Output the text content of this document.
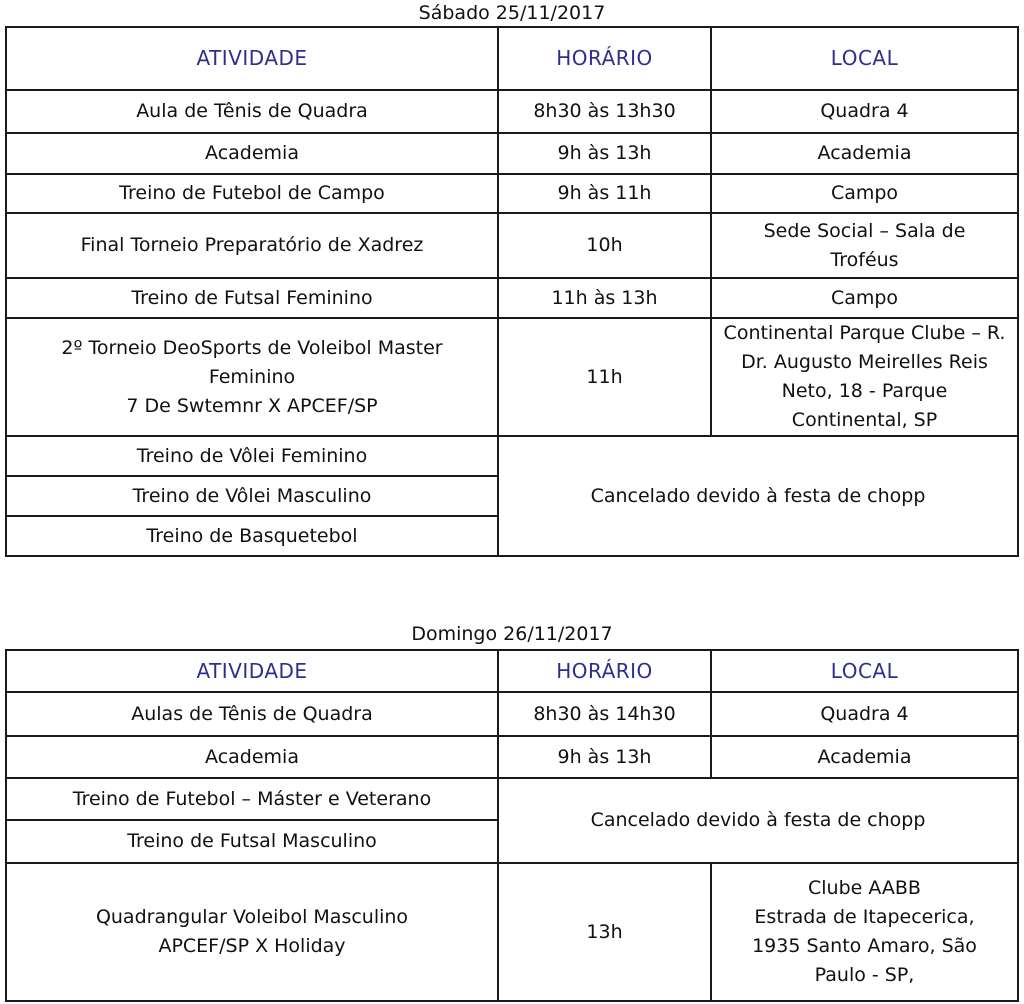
Sábado 25/11/2017
ATIVIDADE	HORÁRIO	LOCAL
Aula de Tênis de Quadra	8h30 às 13h30	Quadra 4
Academia	9h às 13h	Academia
Treino de Futebol de Campo	9h às 11h	Campo
Final Torneio Preparatório de Xadrez	10h	Sede Social – Sala de Troféus
Treino de Futsal Feminino	11h às 13h	Campo

2º Torneio DeoSports de Voleibol Master
Feminino
7 De Swtemnr X APCEF/SP	11h	Continental Parque Clube – R.
Dr. Augusto Meirelles Reis
Neto, 18 - Parque
Continental, SP

Treino de Vôlei Feminino	Cancelado devido à festa de chopp	
Treino de Vôlei Masculino		
Treino de Basquetebol		
Domingo 26/11/2017
ATIVIDADE	HORÁRIO	LOCAL
Aulas de Tênis de Quadra	8h30 às 14h30	Quadra 4
Academia	9h às 13h	Academia
Treino de Futebol – Máster e Veterano	Cancelado devido à festa de chopp	
Treino de Futsal Masculino		

Quadrangular Voleibol Masculino
APCEF/SP X Holiday	13h	Clube AABB
Estrada de Itapecerica,
1935 Santo Amaro, São
Paulo - SP,
